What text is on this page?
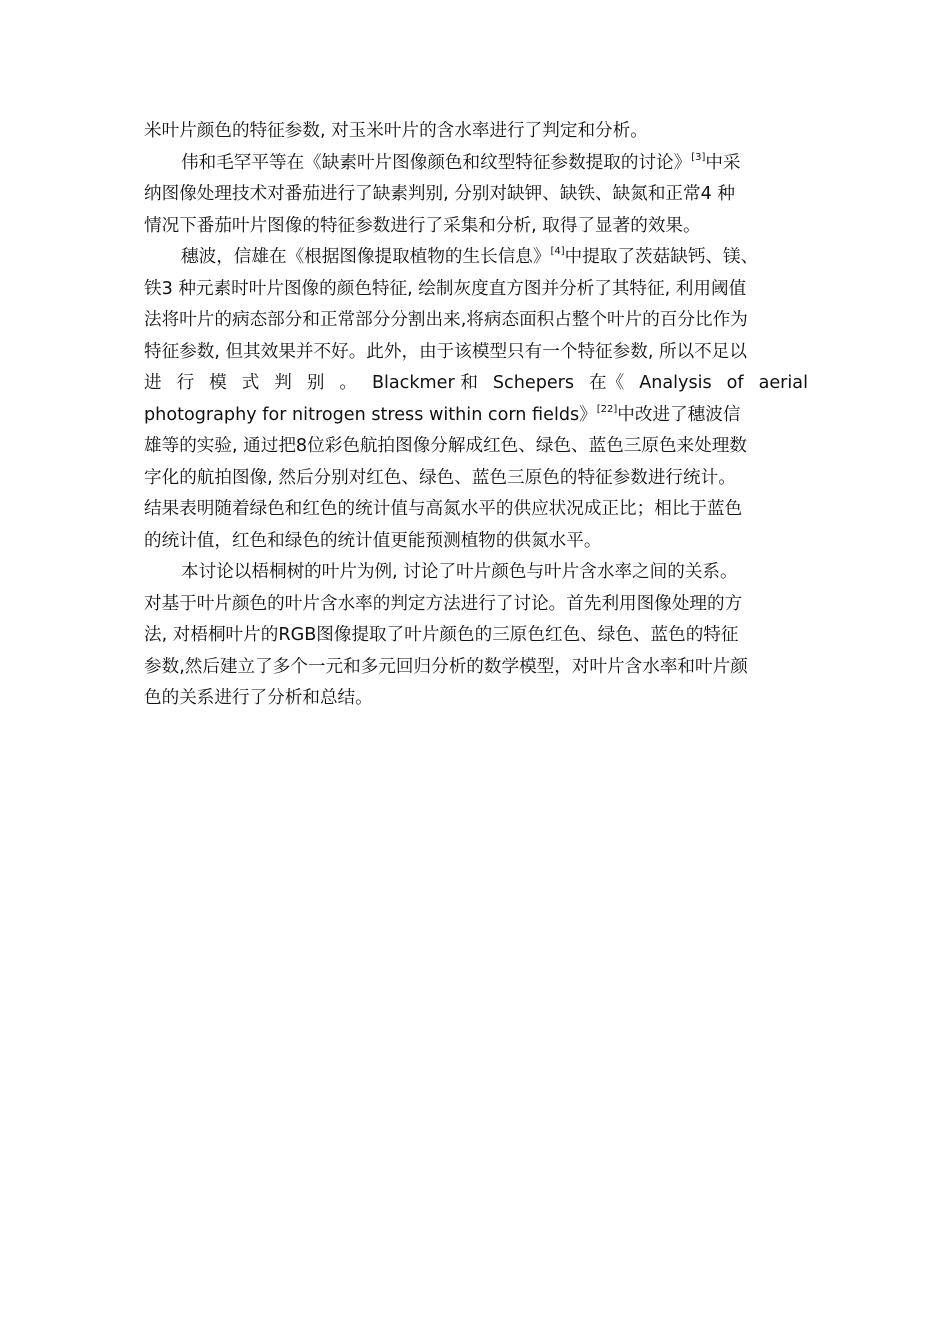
米叶片颜色的特征参数, 对玉米叶片的含水率进行了判定和分析。
伟和毛罕平等在《缺素叶片图像颜色和纹型特征参数提取的讨论》[3]中采
纳图像处理技术对番茄进行了缺素判别, 分别对缺钾、缺铁、缺氮和正常4 种
情况下番茄叶片图像的特征参数进行了采集和分析, 取得了显著的效果。
穗波，信雄在《根据图像提取植物的生长信息》[4]中提取了茨菇缺钙、镁、
铁3 种元素时叶片图像的颜色特征, 绘制灰度直方图并分析了其特征, 利用阈值
法将叶片的病态部分和正常部分分割出来,将病态面积占整个叶片的百分比作为
特征参数, 但其效果并不好。此外，由于该模型只有一个特征参数, 所以不足以
进 行 模 式 判 别 。 Blackmer 和 Schepers 在《 Analysis of aerial
photography for nitrogen stress within corn fields》[22]中改进了穗波信
雄等的实验, 通过把8位彩色航拍图像分解成红色、绿色、蓝色三原色来处理数
字化的航拍图像, 然后分别对红色、绿色、蓝色三原色的特征参数进行统计。
结果表明随着绿色和红色的统计值与高氮水平的供应状况成正比；相比于蓝色
的统计值，红色和绿色的统计值更能预测植物的供氮水平。
本讨论以梧桐树的叶片为例, 讨论了叶片颜色与叶片含水率之间的关系。
对基于叶片颜色的叶片含水率的判定方法进行了讨论。首先利用图像处理的方
法, 对梧桐叶片的RGB图像提取了叶片颜色的三原色红色、绿色、蓝色的特征
参数,然后建立了多个一元和多元回归分析的数学模型，对叶片含水率和叶片颜
色的关系进行了分析和总结。
